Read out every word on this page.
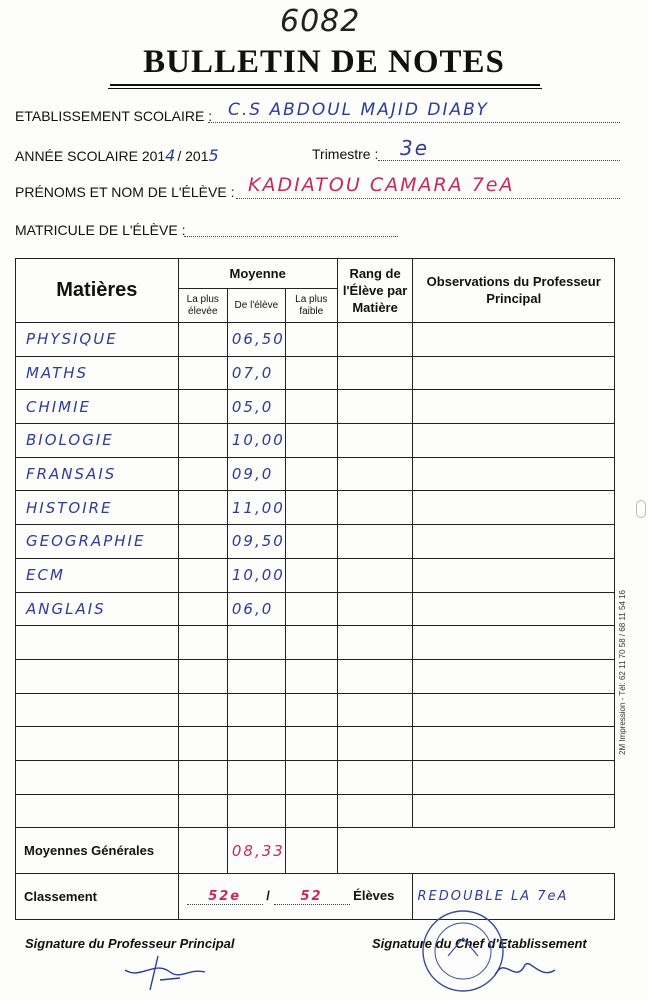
6082
BULLETIN DE NOTES
ETABLISSEMENT SCOLAIRE : C.S ABDOUL MAJID DIABY
ANNÉE SCOLAIRE 2014/ 2015	Trimestre : 3e
PRÉNOMS ET NOM DE L'ÉLÈVE : KADIATOU CAMARA 7eA
MATRICULE DE L'ÉLÈVE :
Matières	Moyenne			Rang de l'Élève par Matière	Observations du Professeur Principal
	La plus élevée	De l'élève	La plus faible		
PHYSIQUE		06,50			
MATHS		07,0			
CHIMIE		05,0			
BIOLOGIE		10,00			
FRANSAIS		09,0			
HISTOIRE		11,00			
GEOGRAPHIE		09,50			
ECM		10,00			
ANGLAIS		06,0			

Moyennes Générales		08,33			
Classement	52e / 52 Élèves				REDOUBLE LA 7eA
Signature du Professeur Principal	Signature du Chef d'Etablissement
2M Impression - Tél: 62 11 70 58 / 68 11 54 16
